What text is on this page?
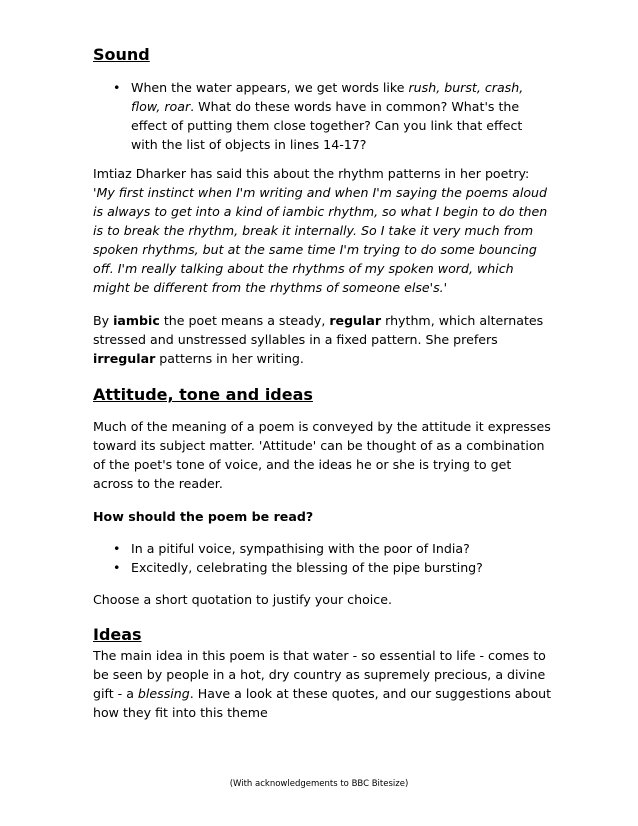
Sound
• When the water appears, we get words like rush, burst, crash, flow, roar. What do these words have in common? What's the effect of putting them close together? Can you link that effect with the list of objects in lines 14-17?

Imtiaz Dharker has said this about the rhythm patterns in her poetry:

'My first instinct when I'm writing and when I'm saying the poems aloud is always to get into a kind of iambic rhythm, so what I begin to do then is to break the rhythm, break it internally. So I take it very much from spoken rhythms, but at the same time I'm trying to do some bouncing off. I'm really talking about the rhythms of my spoken word, which might be different from the rhythms of someone else's.'

By iambic the poet means a steady, regular rhythm, which alternates stressed and unstressed syllables in a fixed pattern. She prefers irregular patterns in her writing.

Attitude, tone and ideas

Much of the meaning of a poem is conveyed by the attitude it expresses toward its subject matter. 'Attitude' can be thought of as a combination of the poet's tone of voice, and the ideas he or she is trying to get across to the reader.

How should the poem be read?

• In a pitiful voice, sympathising with the poor of India?
• Excitedly, celebrating the blessing of the pipe bursting?

Choose a short quotation to justify your choice.

Ideas

The main idea in this poem is that water - so essential to life - comes to be seen by people in a hot, dry country as supremely precious, a divine gift - a blessing. Have a look at these quotes, and our suggestions about how they fit into this theme

(With acknowledgements to BBC Bitesize)
